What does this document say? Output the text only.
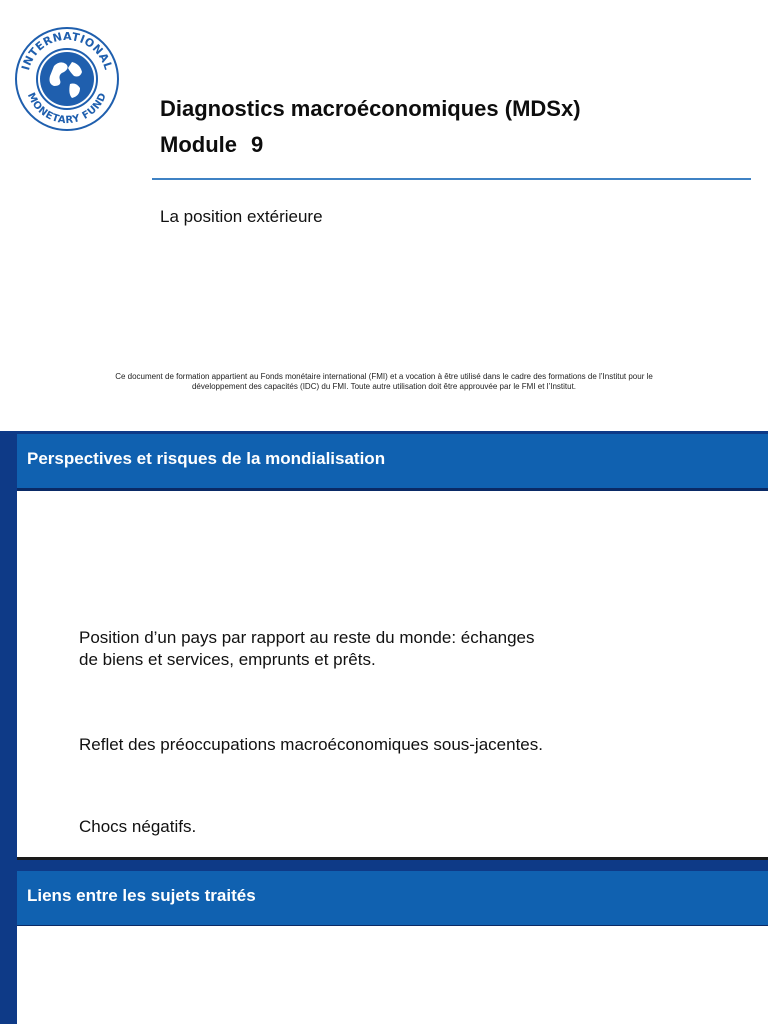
INTERNATIONAL
MONETARY FUND Diagnostics macroéconomiques (MDSx)
Module 9
La position extérieure
Ce document de formation appartient au Fonds monétaire international (FMI) et a vocation à être utilisé dans le cadre des formations de l’Institut pour le
développement des capacités (IDC) du FMI. Toute autre utilisation doit être approuvée par le FMI et l’Institut.
Position d’un pays par rapport au reste du monde: échanges
de biens et services, emprunts et prêts.
Reflet des préoccupations macroéconomiques sous-jacentes.
Chocs négatifs.
Perspectives et risques de la mondialisation
Liens entre les sujets traités
